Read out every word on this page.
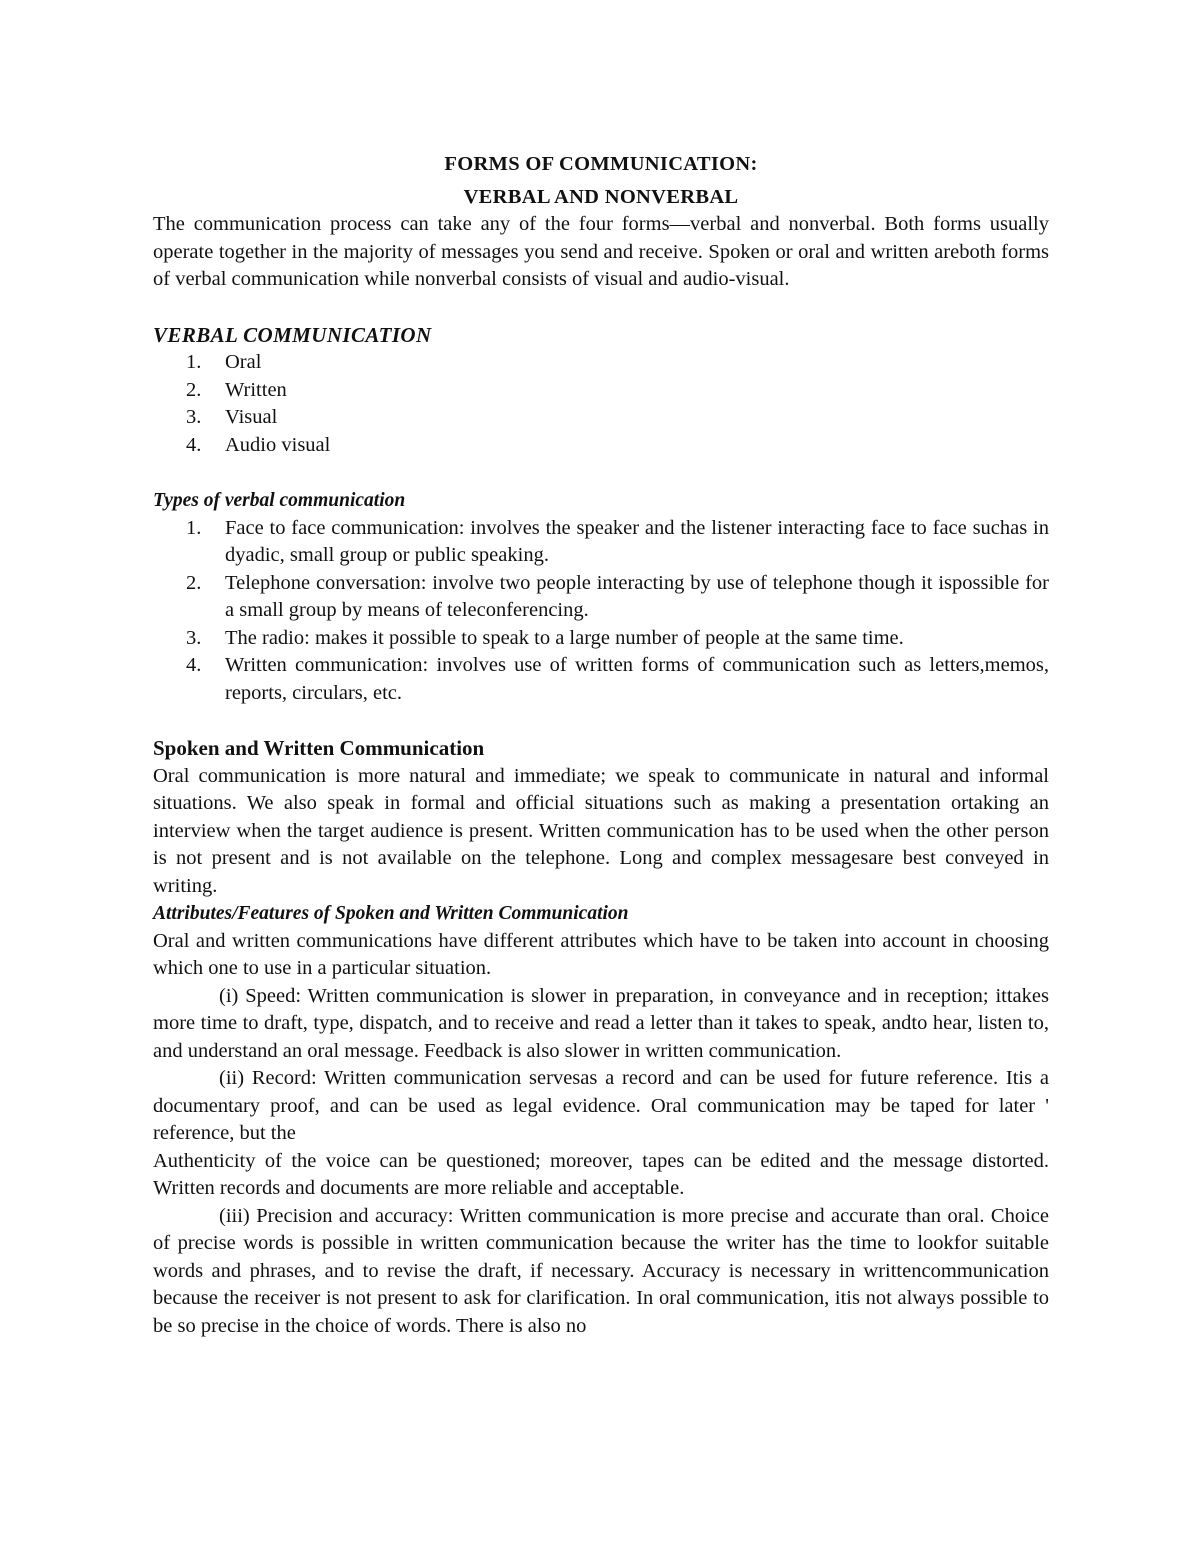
FORMS OF COMMUNICATION:
VERBAL AND NONVERBAL

The communication process can take any of the four forms—verbal and nonverbal. Both forms usually operate together in the majority of messages you send and receive. Spoken or oral and written areboth forms of verbal communication while nonverbal consists of visual and audio-visual.

VERBAL COMMUNICATION
1. Oral
2. Written
3. Visual
4. Audio visual
Types of verbal communication
1. Face to face communication: involves the speaker and the listener interacting face to face suchas in dyadic, small group or public speaking.
2. Telephone conversation: involve two people interacting by use of telephone though it ispossible for a small group by means of teleconferencing.
3. The radio: makes it possible to speak to a large number of people at the same time.
4. Written communication: involves use of written forms of communication such as letters,memos, reports, circulars, etc.
Spoken and Written Communication

Oral communication is more natural and immediate; we speak to communicate in natural and informal situations. We also speak in formal and official situations such as making a presentation ortaking an interview when the target audience is present. Written communication has to be used when the other person is not present and is not available on the telephone. Long and complex messagesare best conveyed in writing.

Attributes/Features of Spoken and Written Communication

Oral and written communications have different attributes which have to be taken into account in choosing which one to use in a particular situation.

(i) Speed: Written communication is slower in preparation, in conveyance and in reception; ittakes more time to draft, type, dispatch, and to receive and read a letter than it takes to speak, andto hear, listen to, and understand an oral message. Feedback is also slower in written communication.

(ii) Record: Written communication servesas a record and can be used for future reference. Itis a documentary proof, and can be used as legal evidence. Oral communication may be taped for later ' reference, but the

Authenticity of the voice can be questioned; moreover, tapes can be edited and the message distorted. Written records and documents are more reliable and acceptable.

(iii) Precision and accuracy: Written communication is more precise and accurate than oral. Choice of precise words is possible in written communication because the writer has the time to lookfor suitable words and phrases, and to revise the draft, if necessary. Accuracy is necessary in writtencommunication because the receiver is not present to ask for clarification. In oral communication, itis not always possible to be so precise in the choice of words. There is also no
